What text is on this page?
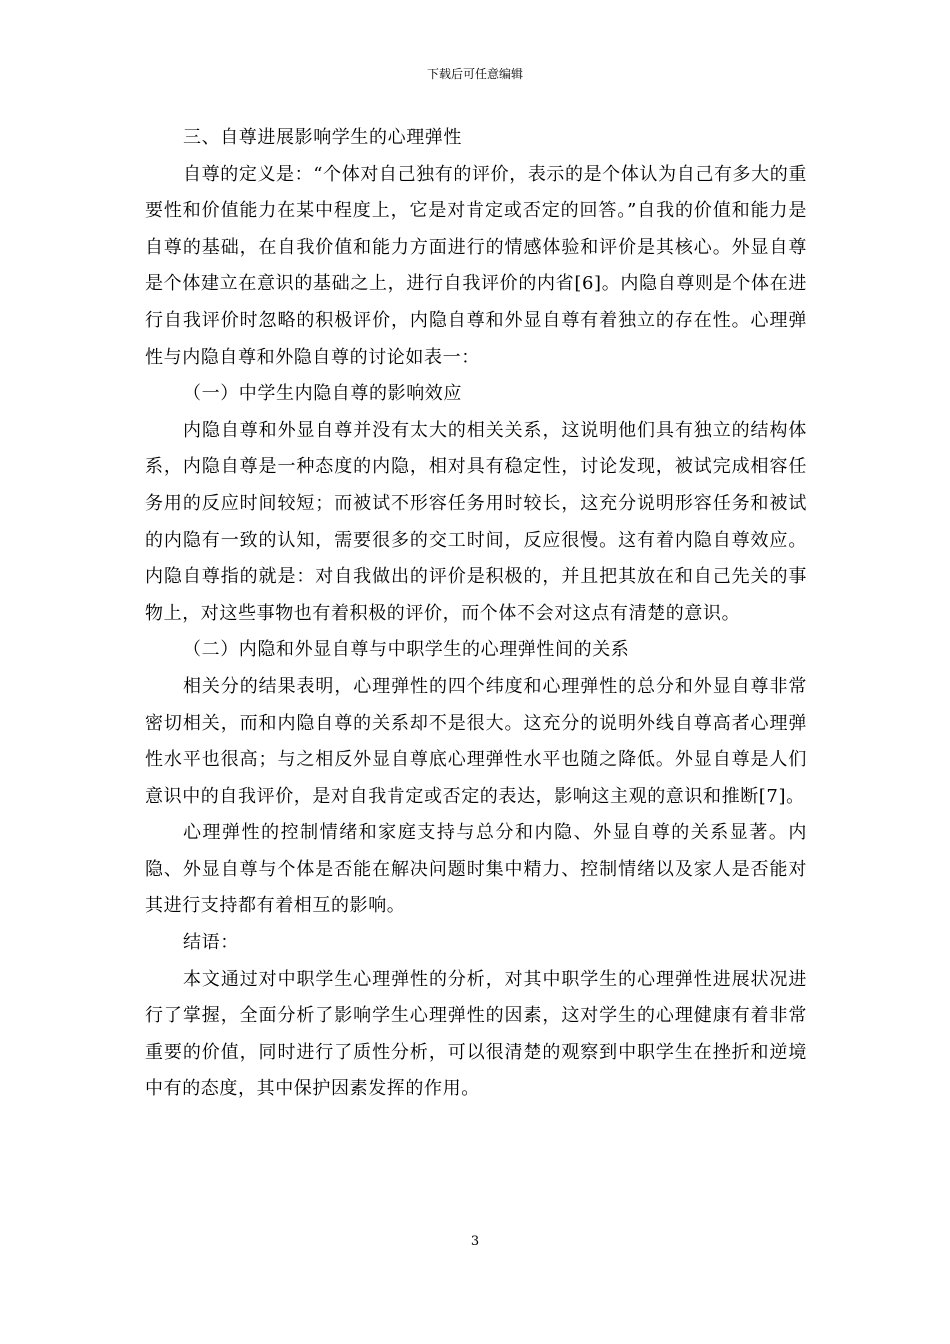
下载后可任意编辑

三、自尊进展影响学生的心理弹性

自尊的定义是：“个体对自己独有的评价，表示的是个体认为自己有多大的重要性和价值能力在某中程度上，它是对肯定或否定的回答。”自我的价值和能力是自尊的基础，在自我价值和能力方面进行的情感体验和评价是其核心。外显自尊是个体建立在意识的基础之上，进行自我评价的内省[6]。内隐自尊则是个体在进行自我评价时忽略的积极评价，内隐自尊和外显自尊有着独立的存在性。心理弹性与内隐自尊和外隐自尊的讨论如表一：

（一）中学生内隐自尊的影响效应

内隐自尊和外显自尊并没有太大的相关关系，这说明他们具有独立的结构体系，内隐自尊是一种态度的内隐，相对具有稳定性，讨论发现，被试完成相容任务用的反应时间较短；而被试不形容任务用时较长，这充分说明形容任务和被试的内隐有一致的认知，需要很多的交工时间，反应很慢。这有着内隐自尊效应。内隐自尊指的就是：对自我做出的评价是积极的，并且把其放在和自己先关的事物上，对这些事物也有着积极的评价，而个体不会对这点有清楚的意识。

（二）内隐和外显自尊与中职学生的心理弹性间的关系

相关分的结果表明，心理弹性的四个纬度和心理弹性的总分和外显自尊非常密切相关，而和内隐自尊的关系却不是很大。这充分的说明外线自尊高者心理弹性水平也很高；与之相反外显自尊底心理弹性水平也随之降低。外显自尊是人们意识中的自我评价，是对自我肯定或否定的表达，影响这主观的意识和推断[7]。

心理弹性的控制情绪和家庭支持与总分和内隐、外显自尊的关系显著。内隐、外显自尊与个体是否能在解决问题时集中精力、控制情绪以及家人是否能对其进行支持都有着相互的影响。

结语：

本文通过对中职学生心理弹性的分析，对其中职学生的心理弹性进展状况进行了掌握，全面分析了影响学生心理弹性的因素，这对学生的心理健康有着非常重要的价值，同时进行了质性分析，可以很清楚的观察到中职学生在挫折和逆境中有的态度，其中保护因素发挥的作用。

3
